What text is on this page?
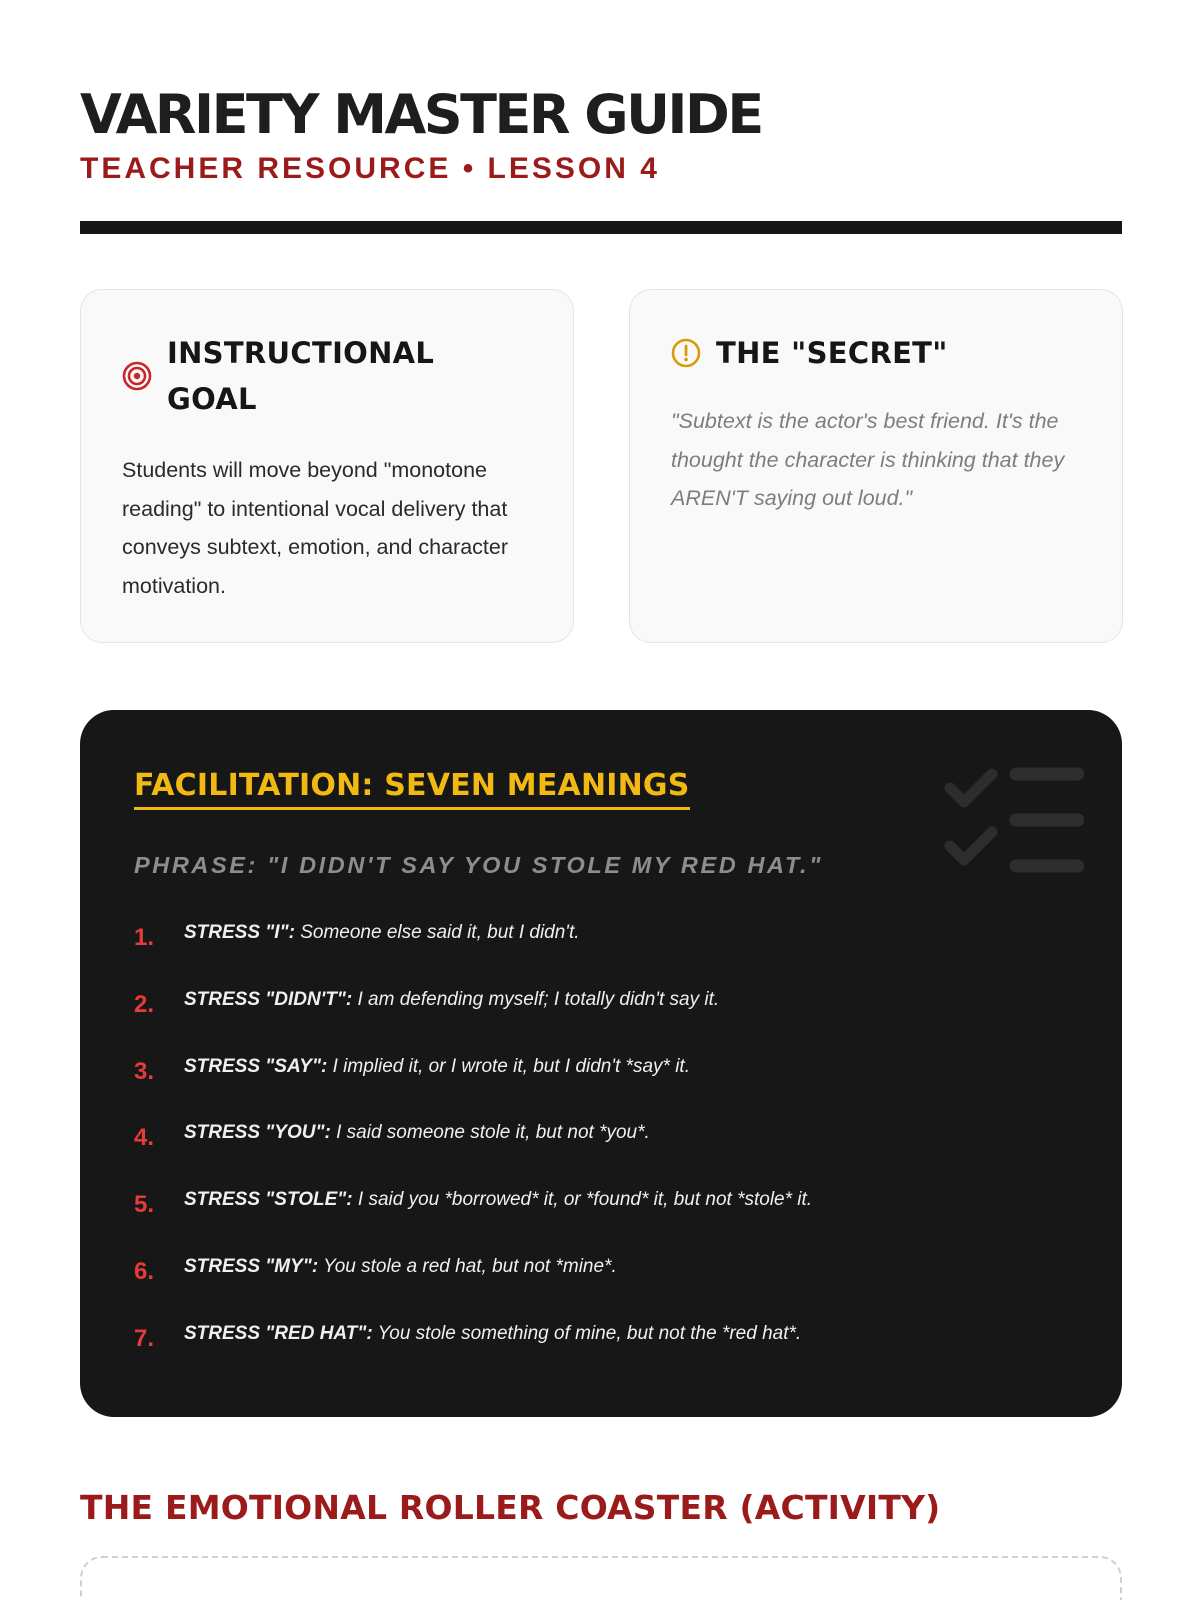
VARIETY MASTER GUIDE
TEACHER RESOURCE • LESSON 4
INSTRUCTIONAL GOAL

Students will move beyond "monotone reading" to intentional vocal delivery that conveys subtext, emotion, and character motivation.

THE "SECRET"

"Subtext is the actor's best friend. It's the thought the character is thinking that they AREN'T saying out loud."

FACILITATION: SEVEN MEANINGS
PHRASE: "I DIDN'T SAY YOU STOLE MY RED HAT."
1. STRESS "I": Someone else said it, but I didn't.
2. STRESS "DIDN'T": I am defending myself; I totally didn't say it.
3. STRESS "SAY": I implied it, or I wrote it, but I didn't *say* it.
4. STRESS "YOU": I said someone stole it, but not *you*.
5. STRESS "STOLE": I said you *borrowed* it, or *found* it, but not *stole* it.
6. STRESS "MY": You stole a red hat, but not *mine*.
7. STRESS "RED HAT": You stole something of mine, but not the *red hat*.
THE EMOTIONAL ROLLER COASTER (ACTIVITY)
